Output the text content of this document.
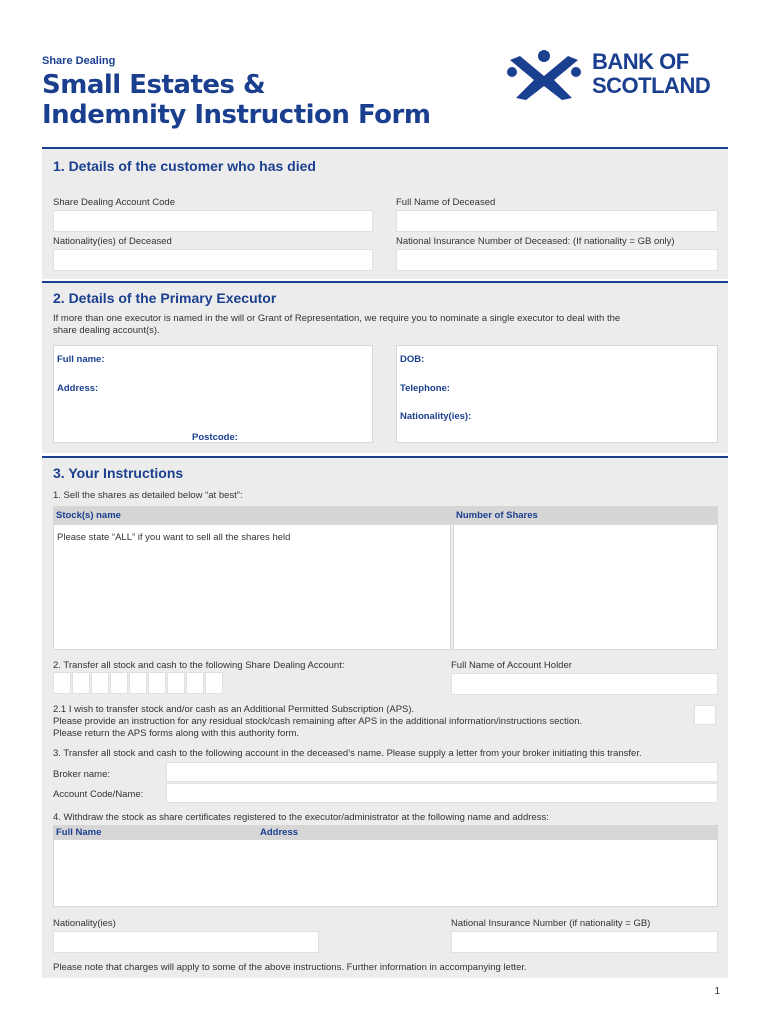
Share Dealing
Small Estates &
Indemnity Instruction Form
BANK OF
SCOTLAND
1. Details of the customer who has died
Share Dealing Account Code	Full Name of Deceased
Nationality(ies) of Deceased	National Insurance Number of Deceased: (If nationality = GB only)
2. Details of the Primary Executor
If more than one executor is named in the will or Grant of Representation, we require you to nominate a single executor to deal with the
share dealing account(s).
Full name:
Address:
Postcode:
DOB:
Telephone:
Nationality(ies):
3. Your Instructions
1. Sell the shares as detailed below “at best”:
Stock(s) name	Number of Shares
Please state “ALL” if you want to sell all the shares held
2. Transfer all stock and cash to the following Share Dealing Account:	Full Name of Account Holder
2.1 I wish to transfer stock and/or cash as an Additional Permitted Subscription (APS).
Please provide an instruction for any residual stock/cash remaining after APS in the additional information/instructions section.
Please return the APS forms along with this authority form.
3. Transfer all stock and cash to the following account in the deceased’s name. Please supply a letter from your broker initiating this transfer.
Broker name:
Account Code/Name:
4. Withdraw the stock as share certificates registered to the executor/administrator at the following name and address:
Full Name	Address
Nationality(ies)	National Insurance Number (if nationality = GB)
Please note that charges will apply to some of the above instructions. Further information in accompanying letter.
1
